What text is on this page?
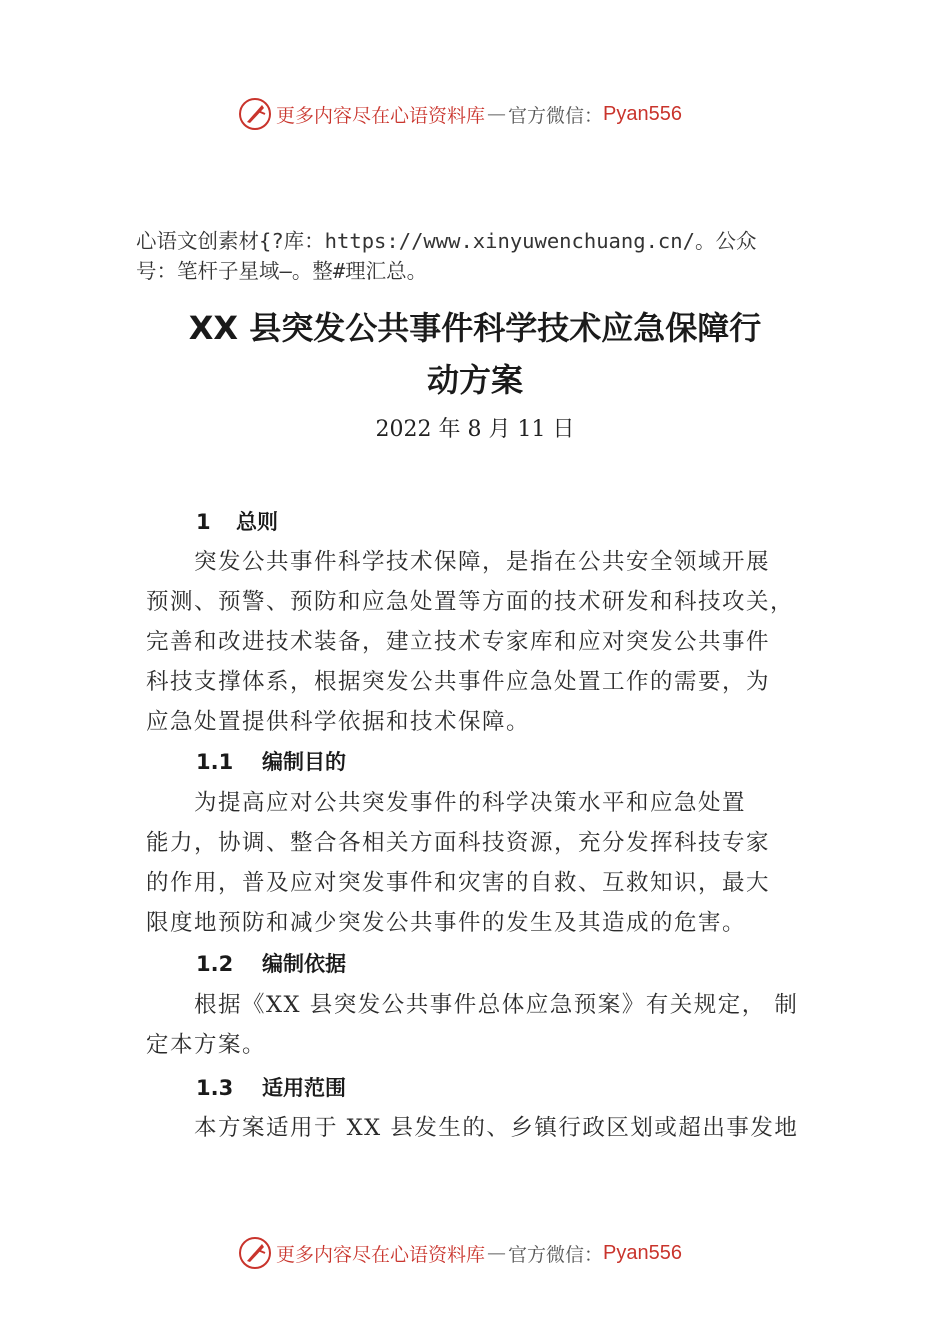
更多内容尽在心语资料库 — 官方微信： Pyan556
心语文创素材{?库：https://www.xinyuwenchuang.cn/。公众
号：笔杆子星域—。整#理汇总。
XX 县突发公共事件科学技术应急保障行
动方案
2022 年 8 月 11 日
1 总则
　　突发公共事件科学技术保障，是指在公共安全领域开展
预测、预警、预防和应急处置等方面的技术研发和科技攻关，
完善和改进技术装备，建立技术专家库和应对突发公共事件
科技支撑体系，根据突发公共事件应急处置工作的需要，为
应急处置提供科学依据和技术保障。
1.1 编制目的
　　为提高应对公共突发事件的科学决策水平和应急处置
能力，协调、整合各相关方面科技资源，充分发挥科技专家
的作用，普及应对突发事件和灾害的自救、互救知识，最大
限度地预防和减少突发公共事件的发生及其造成的危害。
1.2 编制依据
　　根据《XX 县突发公共事件总体应急预案》有关规定， 制
定本方案。
1.3 适用范围
　　本方案适用于 XX 县发生的、乡镇行政区划或超出事发地
更多内容尽在心语资料库 — 官方微信： Pyan556
